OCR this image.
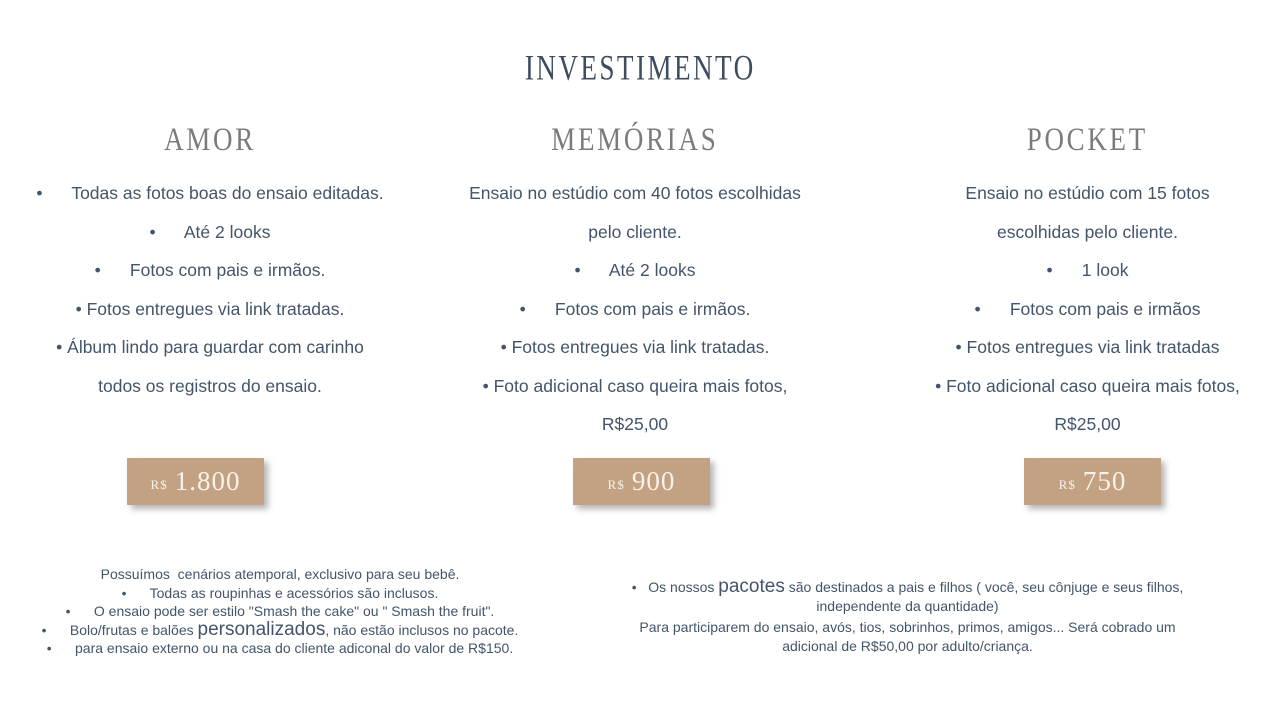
INVESTIMENTO
AMOR
•      Todas as fotos boas do ensaio editadas.
•      Até 2 looks
•      Fotos com pais e irmãos.
• Fotos entregues via link tratadas.
• Álbum lindo para guardar com carinho
todos os registros do ensaio.
R$ 1.800
MEMÓRIAS
Ensaio no estúdio com 40 fotos escolhidas
pelo cliente.
•      Até 2 looks
•      Fotos com pais e irmãos.
• Fotos entregues via link tratadas.
• Foto adicional caso queira mais fotos,
R$25,00
R$ 900
POCKET
Ensaio no estúdio com 15 fotos
escolhidas pelo cliente.
•      1 look
•      Fotos com pais e irmãos
• Fotos entregues via link tratadas
• Foto adicional caso queira mais fotos,
R$25,00
R$ 750
Possuímos  cenários atemporal, exclusivo para seu bebê.
•      Todas as roupinhas e acessórios são inclusos.
•      O ensaio pode ser estilo "Smash the cake" ou " Smash the fruit".
•      Bolo/frutas e balões personalizados, não estão inclusos no pacote.
•      para ensaio externo ou na casa do cliente adiconal do valor de R$150.
•   Os nossos pacotes são destinados a pais e filhos ( você, seu cônjuge e seus filhos,
independente da quantidade)
Para participarem do ensaio, avós, tios, sobrinhos, primos, amigos... Será cobrado um
adicional de R$50,00 por adulto/criança.
